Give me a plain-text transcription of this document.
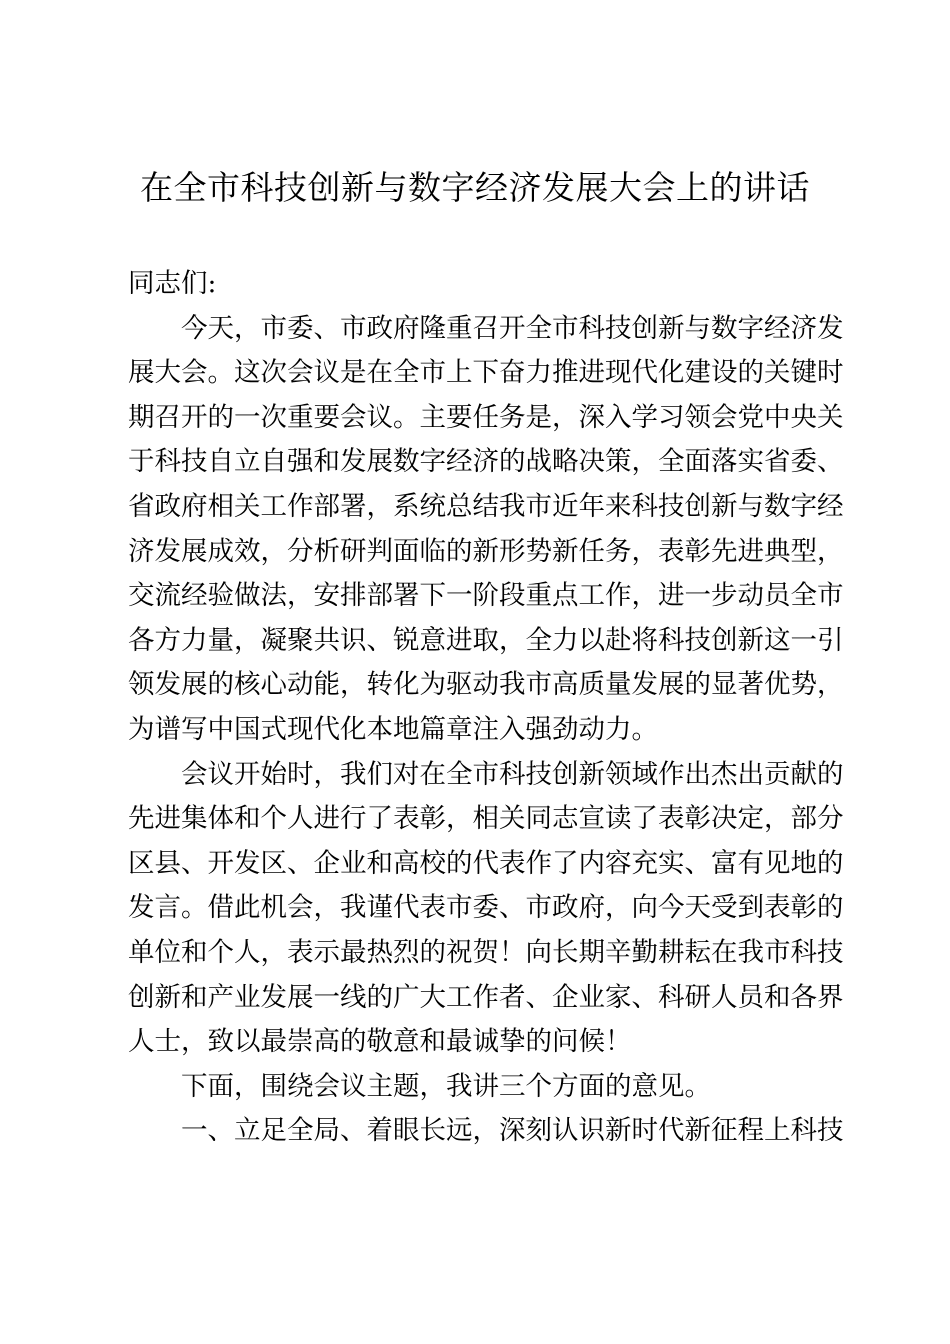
在全市科技创新与数字经济发展大会上的讲话
同志们:
今天，市委、市政府隆重召开全市科技创新与数字经济发
展大会。这次会议是在全市上下奋力推进现代化建设的关键时
期召开的一次重要会议。主要任务是，深入学习领会党中央关
于科技自立自强和发展数字经济的战略决策，全面落实省委、
省政府相关工作部署，系统总结我市近年来科技创新与数字经
济发展成效，分析研判面临的新形势新任务，表彰先进典型，
交流经验做法，安排部署下一阶段重点工作，进一步动员全市
各方力量，凝聚共识、锐意进取，全力以赴将科技创新这一引
领发展的核心动能，转化为驱动我市高质量发展的显著优势，
为谱写中国式现代化本地篇章注入强劲动力。
会议开始时，我们对在全市科技创新领域作出杰出贡献的
先进集体和个人进行了表彰，相关同志宣读了表彰决定，部分
区县、开发区、企业和高校的代表作了内容充实、富有见地的
发言。借此机会，我谨代表市委、市政府，向今天受到表彰的
单位和个人，表示最热烈的祝贺！向长期辛勤耕耘在我市科技
创新和产业发展一线的广大工作者、企业家、科研人员和各界
人士，致以最崇高的敬意和最诚挚的问候！
下面，围绕会议主题，我讲三个方面的意见。
一、立足全局、着眼长远，深刻认识新时代新征程上科技
